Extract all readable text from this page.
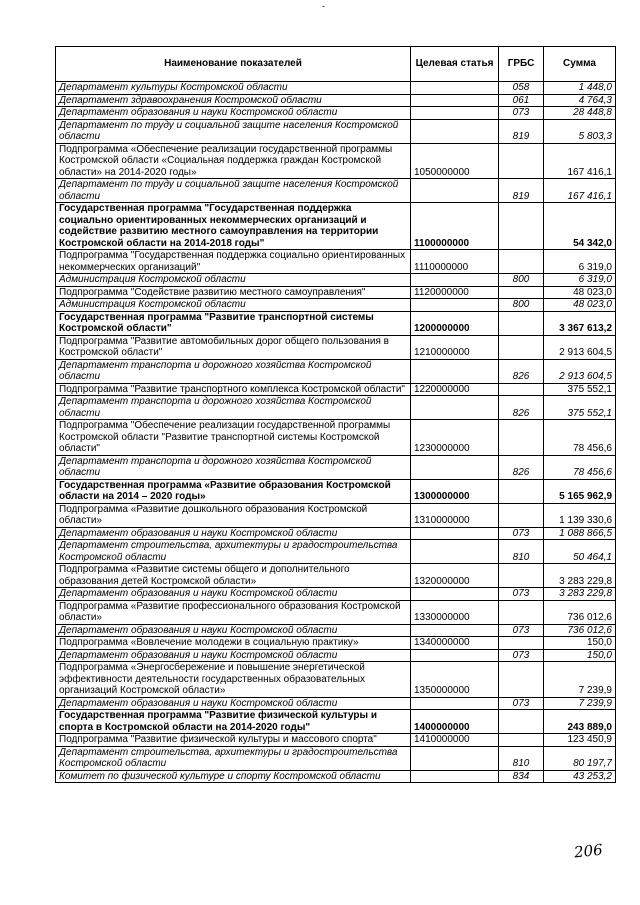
-
Наименование показателей	Целевая статья	ГРБС	Сумма
Департамент культуры Костромской области		058	1 448,0
Департамент здравоохранения Костромской области		061	4 764,3
Департамент образования и науки Костромской области		073	28 448,8
Департамент по труду и социальной защите населения Костромской области		819	5 803,3
Подпрограмма «Обеспечение реализации государственной программы Костромской области «Социальная поддержка граждан Костромской области» на 2014-2020 годы»	1050000000		167 416,1
Департамент по труду и социальной защите населения Костромской области		819	167 416,1
Государственная программа "Государственная поддержка социально ориентированных некоммерческих организаций и содействие развитию местного самоуправления на территории Костромской области на 2014-2018 годы"	1100000000		54 342,0
Подпрограмма "Государственная поддержка социально ориентированных некоммерческих организаций"	1110000000		6 319,0
Администрация Костромской области		800	6 319,0
Подпрограмма "Содействие развитию местного самоуправления"	1120000000		48 023,0
Администрация Костромской области		800	48 023,0
Государственная программа "Развитие транспортной системы Костромской области"	1200000000		3 367 613,2
Подпрограмма "Развитие автомобильных дорог общего пользования в Костромской области"	1210000000		2 913 604,5
Департамент транспорта и дорожного хозяйства Костромской области		826	2 913 604,5
Подпрограмма "Развитие транспортного комплекса Костромской области"	1220000000		375 552,1
Департамент транспорта и дорожного хозяйства Костромской области		826	375 552,1
Подпрограмма "Обеспечение реализации государственной программы Костромской области "Развитие транспортной системы Костромской области"	1230000000		78 456,6
Департамент транспорта и дорожного хозяйства Костромской области		826	78 456,6
Государственная программа «Развитие образования Костромской области на 2014 – 2020 годы»	1300000000		5 165 962,9
Подпрограмма «Развитие дошкольного образования Костромской области»	1310000000		1 139 330,6
Департамент образования и науки Костромской области		073	1 088 866,5
Департамент строительства, архитектуры и градостроительства Костромской области		810	50 464,1
Подпрограмма «Развитие системы общего и дополнительного образования детей Костромской области»	1320000000		3 283 229,8
Департамент образования и науки Костромской области		073	3 283 229,8
Подпрограмма «Развитие профессионального образования Костромской области»	1330000000		736 012,6
Департамент образования и науки Костромской области		073	736 012,6
Подпрограмма «Вовлечение молодежи в социальную практику»	1340000000		150,0
Департамент образования и науки Костромской области		073	150,0
Подпрограмма «Энергосбережение и повышение энергетической эффективности деятельности государственных образовательных организаций Костромской области»	1350000000		7 239,9
Департамент образования и науки Костромской области		073	7 239,9
Государственная программа "Развитие физической культуры и спорта в Костромской области на 2014-2020 годы"	1400000000		243 889,0
Подпрограмма "Развитие физической культуры и массового спорта"	1410000000		123 450,9
Департамент строительства, архитектуры и градостроительства Костромской области		810	80 197,7
Комитет по физической культуре и спорту Костромской области		834	43 253,2
206
